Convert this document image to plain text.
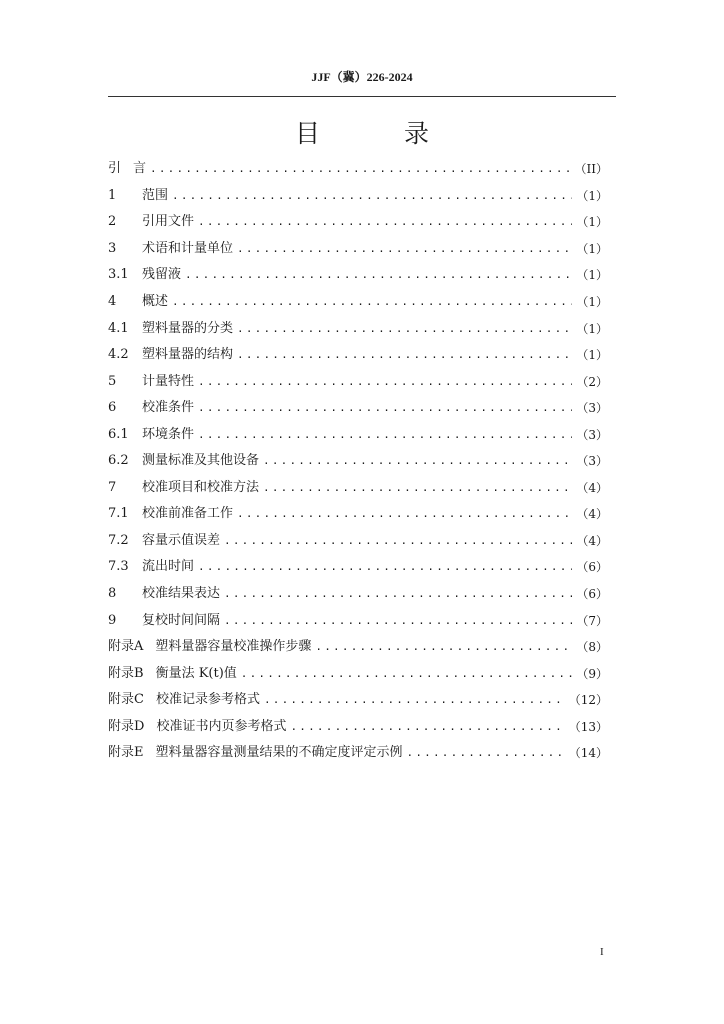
JJF（冀）226-2024
目 录
引 言 .....	（II）
1	范围 .....	（1）
2	引用文件 .....	（1）
3	术语和计量单位 .....	（1）
3.1 残留液 .....	（1）
4	概述 .....	（1）
4.1 塑料量器的分类 .....	（1）
4.2 塑料量器的结构 .....	（1）
5	计量特性 .....	（2）
6	校准条件 .....	（3）
6.1 环境条件 .....	（3）
6.2 测量标准及其他设备 .....	（3）
7	校准项目和校准方法 .....	（4）
7.1 校准前准备工作 .....	（4）
7.2 容量示值误差 .....	（4）
7.3 流出时间 .....	（6）
8	校准结果表达 .....	（6）
9	复校时间间隔 .....	（7）
附录A 塑料量器容量校准操作步骤 .....	（8）
附录B 衡量法 K(t)值 .....	（9）
附录C 校准记录参考格式 .....	（12）
附录D 校准证书内页参考格式 .....	（13）
附录E 塑料量器容量测量结果的不确定度评定示例 .....	（14）
I
